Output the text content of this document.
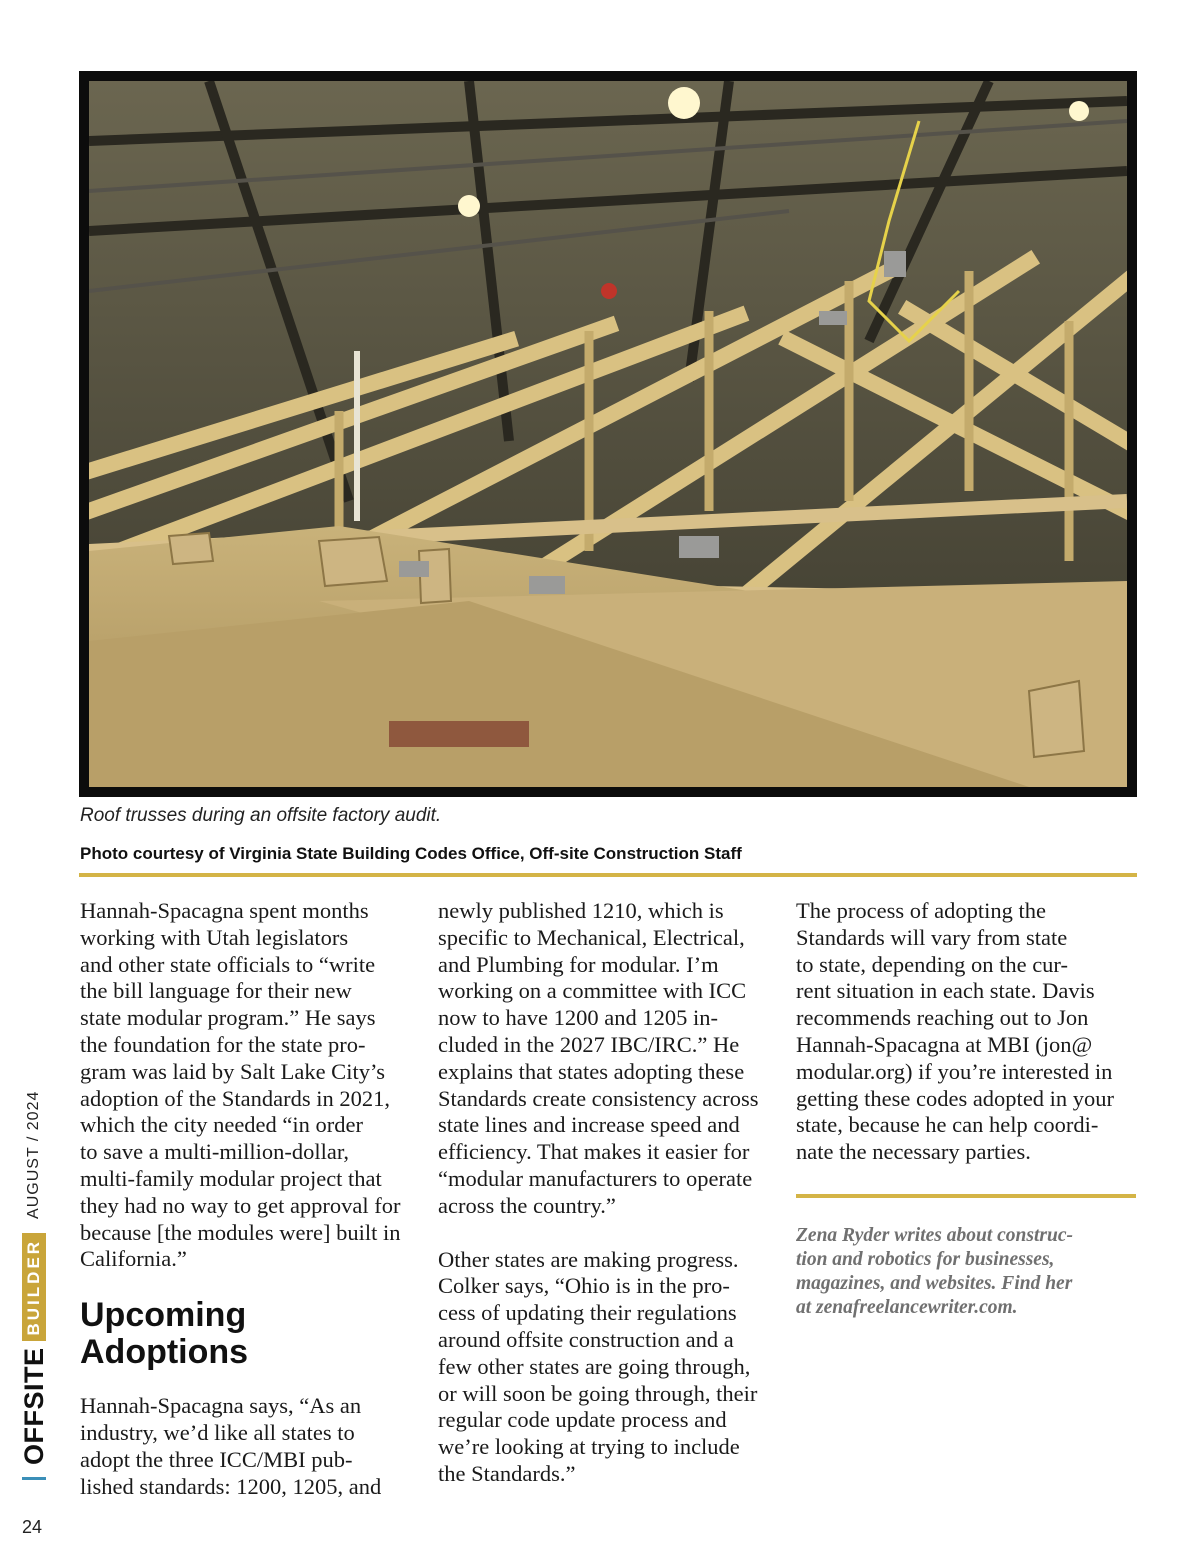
Roof trusses during an offsite factory audit.
Photo courtesy of Virginia State Building Codes Office, Off-site Construction Staff

Hannah-Spacagna spent months
working with Utah legislators
and other state officials to “write
the bill language for their new
state modular program.” He says
the foundation for the state pro-
gram was laid by Salt Lake City’s
adoption of the Standards in 2021,
which the city needed “in order
to save a multi-million-dollar,
multi-family modular project that
they had no way to get approval for
because [the modules were] built in
California.”

Upcoming
Adoptions

Hannah-Spacagna says, “As an
industry, we’d like all states to
adopt the three ICC/MBI pub-
lished standards: 1200, 1205, and

newly published 1210, which is
specific to Mechanical, Electrical,
and Plumbing for modular. I’m
working on a committee with ICC
now to have 1200 and 1205 in-
cluded in the 2027 IBC/IRC.” He
explains that states adopting these
Standards create consistency across
state lines and increase speed and
efficiency. That makes it easier for
“modular manufacturers to operate
across the country.”

Other states are making progress.
Colker says, “Ohio is in the pro-
cess of updating their regulations
around offsite construction and a
few other states are going through,
or will soon be going through, their
regular code update process and
we’re looking at trying to include
the Standards.”

The process of adopting the
Standards will vary from state
to state, depending on the cur-
rent situation in each state. Davis
recommends reaching out to Jon
Hannah-Spacagna at MBI (jon@
modular.org) if you’re interested in
getting these codes adopted in your
state, because he can help coordi-
nate the necessary parties.

Zena Ryder writes about construc-
tion and robotics for businesses,
magazines, and websites. Find her
at zenafreelancewriter.com.
OFFSITE
BUILDER
AUGUST / 2024
24
